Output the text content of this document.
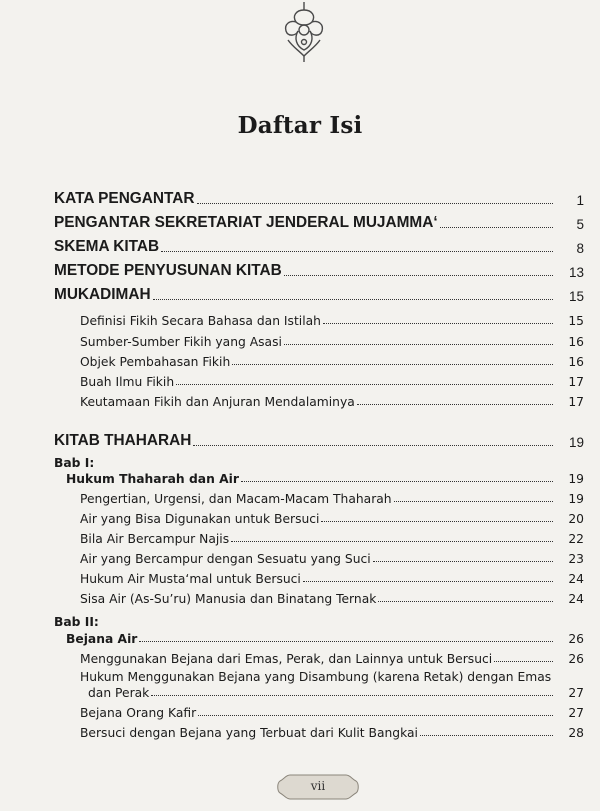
Daftar Isi
KATA PENGANTAR	1
PENGANTAR SEKRETARIAT JENDERAL MUJAMMA‘	5
SKEMA KITAB	8
METODE PENYUSUNAN KITAB	13
MUKADIMAH	15
Definisi Fikih Secara Bahasa dan Istilah	15
Sumber-Sumber Fikih yang Asasi	16
Objek Pembahasan Fikih	16
Buah Ilmu Fikih	17
Keutamaan Fikih dan Anjuran Mendalaminya	17
KITAB THAHARAH	19
Bab I:
Hukum Thaharah dan Air	19
Pengertian, Urgensi, dan Macam-Macam Thaharah	19
Air yang Bisa Digunakan untuk Bersuci	20
Bila Air Bercampur Najis	22
Air yang Bercampur dengan Sesuatu yang Suci	23
Hukum Air Musta‘mal untuk Bersuci	24
Sisa Air (As-Su’ru) Manusia dan Binatang Ternak	24
Bab II:
Bejana Air	26
Menggunakan Bejana dari Emas, Perak, dan Lainnya untuk Bersuci	26
Hukum Menggunakan Bejana yang Disambung (karena Retak) dengan Emas
dan Perak	27
Bejana Orang Kafir	27
Bersuci dengan Bejana yang Terbuat dari Kulit Bangkai	28
vii
